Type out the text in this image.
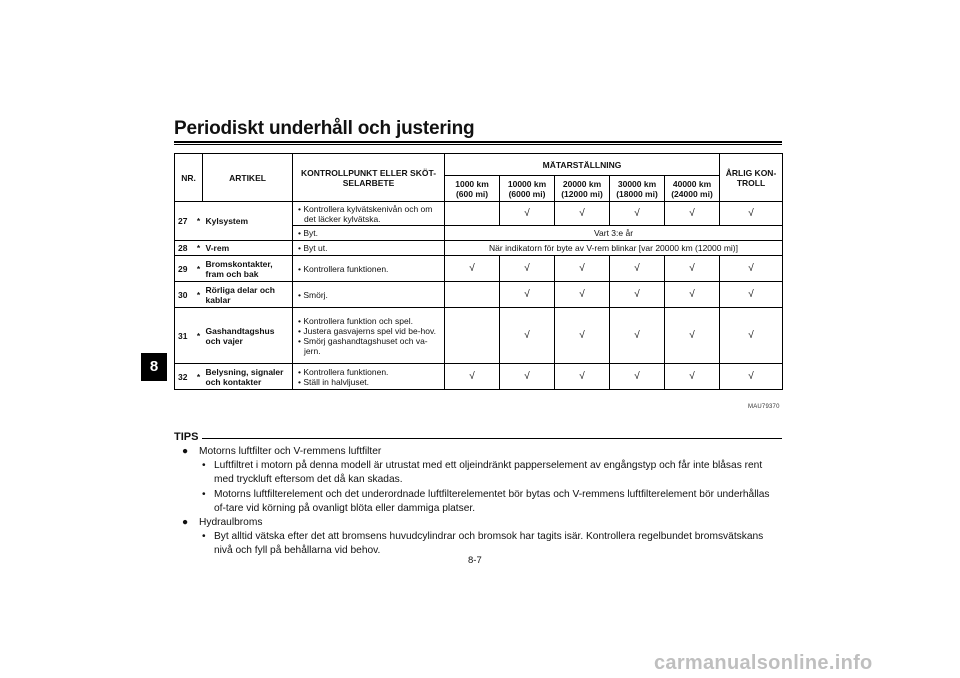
Periodiskt underhåll och justering
8
NR.		ARTIKEL	KONTROLLPUNKT ELLER SKÖT-SELARBETE	MÄTARSTÄLLNING					ÅRLIG KON-TROLL
				1000 km (600 mi)	10000 km (6000 mi)	20000 km (12000 mi)	30000 km (18000 mi)	40000 km (24000 mi)	
27	*	Kylsystem	• Kontrollera kylvätskenivån och om det läcker kylvätska.		√	√	√	√	√

			• Byt.	Vart 3:e år					
28	*	V-rem	• Byt ut.	När indikatorn för byte av V-rem blinkar [var 20000 km (12000 mi)]					
29	*	Bromskontakter, fram och bak	• Kontrollera funktionen.	√	√	√	√	√	√
30	*	Rörliga delar och kablar	• Smörj.		√	√	√	√	√
31	*	Gashandtagshus och vajer	• Kontrollera funktion och spel.
• Justera gasvajerns spel vid be-hov.
• Smörj gashandtagshuset och va-jern.		√	√	√	√	√
32	*	Belysning, signaler och kontakter	• Kontrollera funktionen.
• Ställ in halvljuset.	√	√	√	√	√	√
MAU79370
TIPS
● Motorns luftfilter och V-remmens luftfilter
• Luftfiltret i motorn på denna modell är utrustat med ett oljeindränkt papperselement av engångstyp och får inte blåsas rent med tryckluft eftersom det då kan skadas.
• Motorns luftfilterelement och det underordnade luftfilterelementet bör bytas och V-remmens luftfilterelement bör underhållas of-tare vid körning på ovanligt blöta eller dammiga platser.
● Hydraulbroms
• Byt alltid vätska efter det att bromsens huvudcylindrar och bromsok har tagits isär. Kontrollera regelbundet bromsvätskans nivå och fyll på behållarna vid behov.
8-7
carmanualsonline.info
